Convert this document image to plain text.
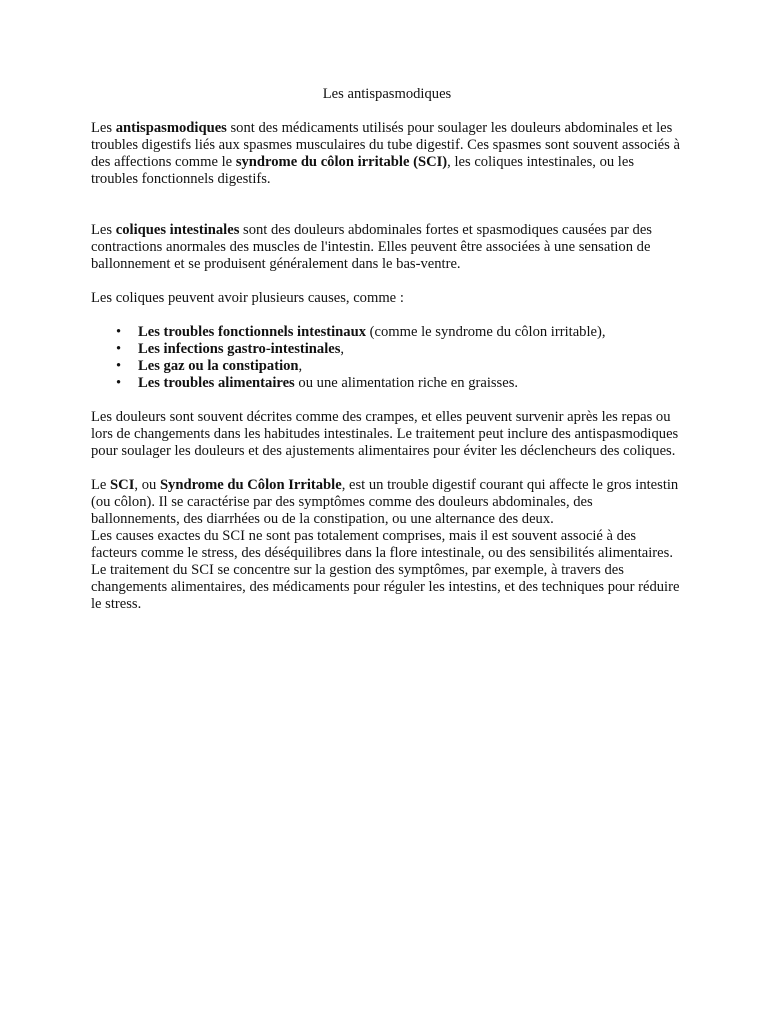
Les antispasmodiques

Les antispasmodiques sont des médicaments utilisés pour soulager les douleurs abdominales et les troubles digestifs liés aux spasmes musculaires du tube digestif. Ces spasmes sont souvent associés à des affections comme le syndrome du côlon irritable (SCI), les coliques intestinales, ou les troubles fonctionnels digestifs.

Les coliques intestinales sont des douleurs abdominales fortes et spasmodiques causées par des contractions anormales des muscles de l'intestin. Elles peuvent être associées à une sensation de ballonnement et se produisent généralement dans le bas-ventre.

Les coliques peuvent avoir plusieurs causes, comme :

• Les troubles fonctionnels intestinaux (comme le syndrome du côlon irritable),
• Les infections gastro-intestinales,
• Les gaz ou la constipation,
• Les troubles alimentaires ou une alimentation riche en graisses.

Les douleurs sont souvent décrites comme des crampes, et elles peuvent survenir après les repas ou lors de changements dans les habitudes intestinales. Le traitement peut inclure des antispasmodiques pour soulager les douleurs et des ajustements alimentaires pour éviter les déclencheurs des coliques.

Le SCI, ou Syndrome du Côlon Irritable, est un trouble digestif courant qui affecte le gros intestin (ou côlon). Il se caractérise par des symptômes comme des douleurs abdominales, des ballonnements, des diarrhées ou de la constipation, ou une alternance des deux.

Les causes exactes du SCI ne sont pas totalement comprises, mais il est souvent associé à des facteurs comme le stress, des déséquilibres dans la flore intestinale, ou des sensibilités alimentaires. Le traitement du SCI se concentre sur la gestion des symptômes, par exemple, à travers des changements alimentaires, des médicaments pour réguler les intestins, et des techniques pour réduire le stress.
